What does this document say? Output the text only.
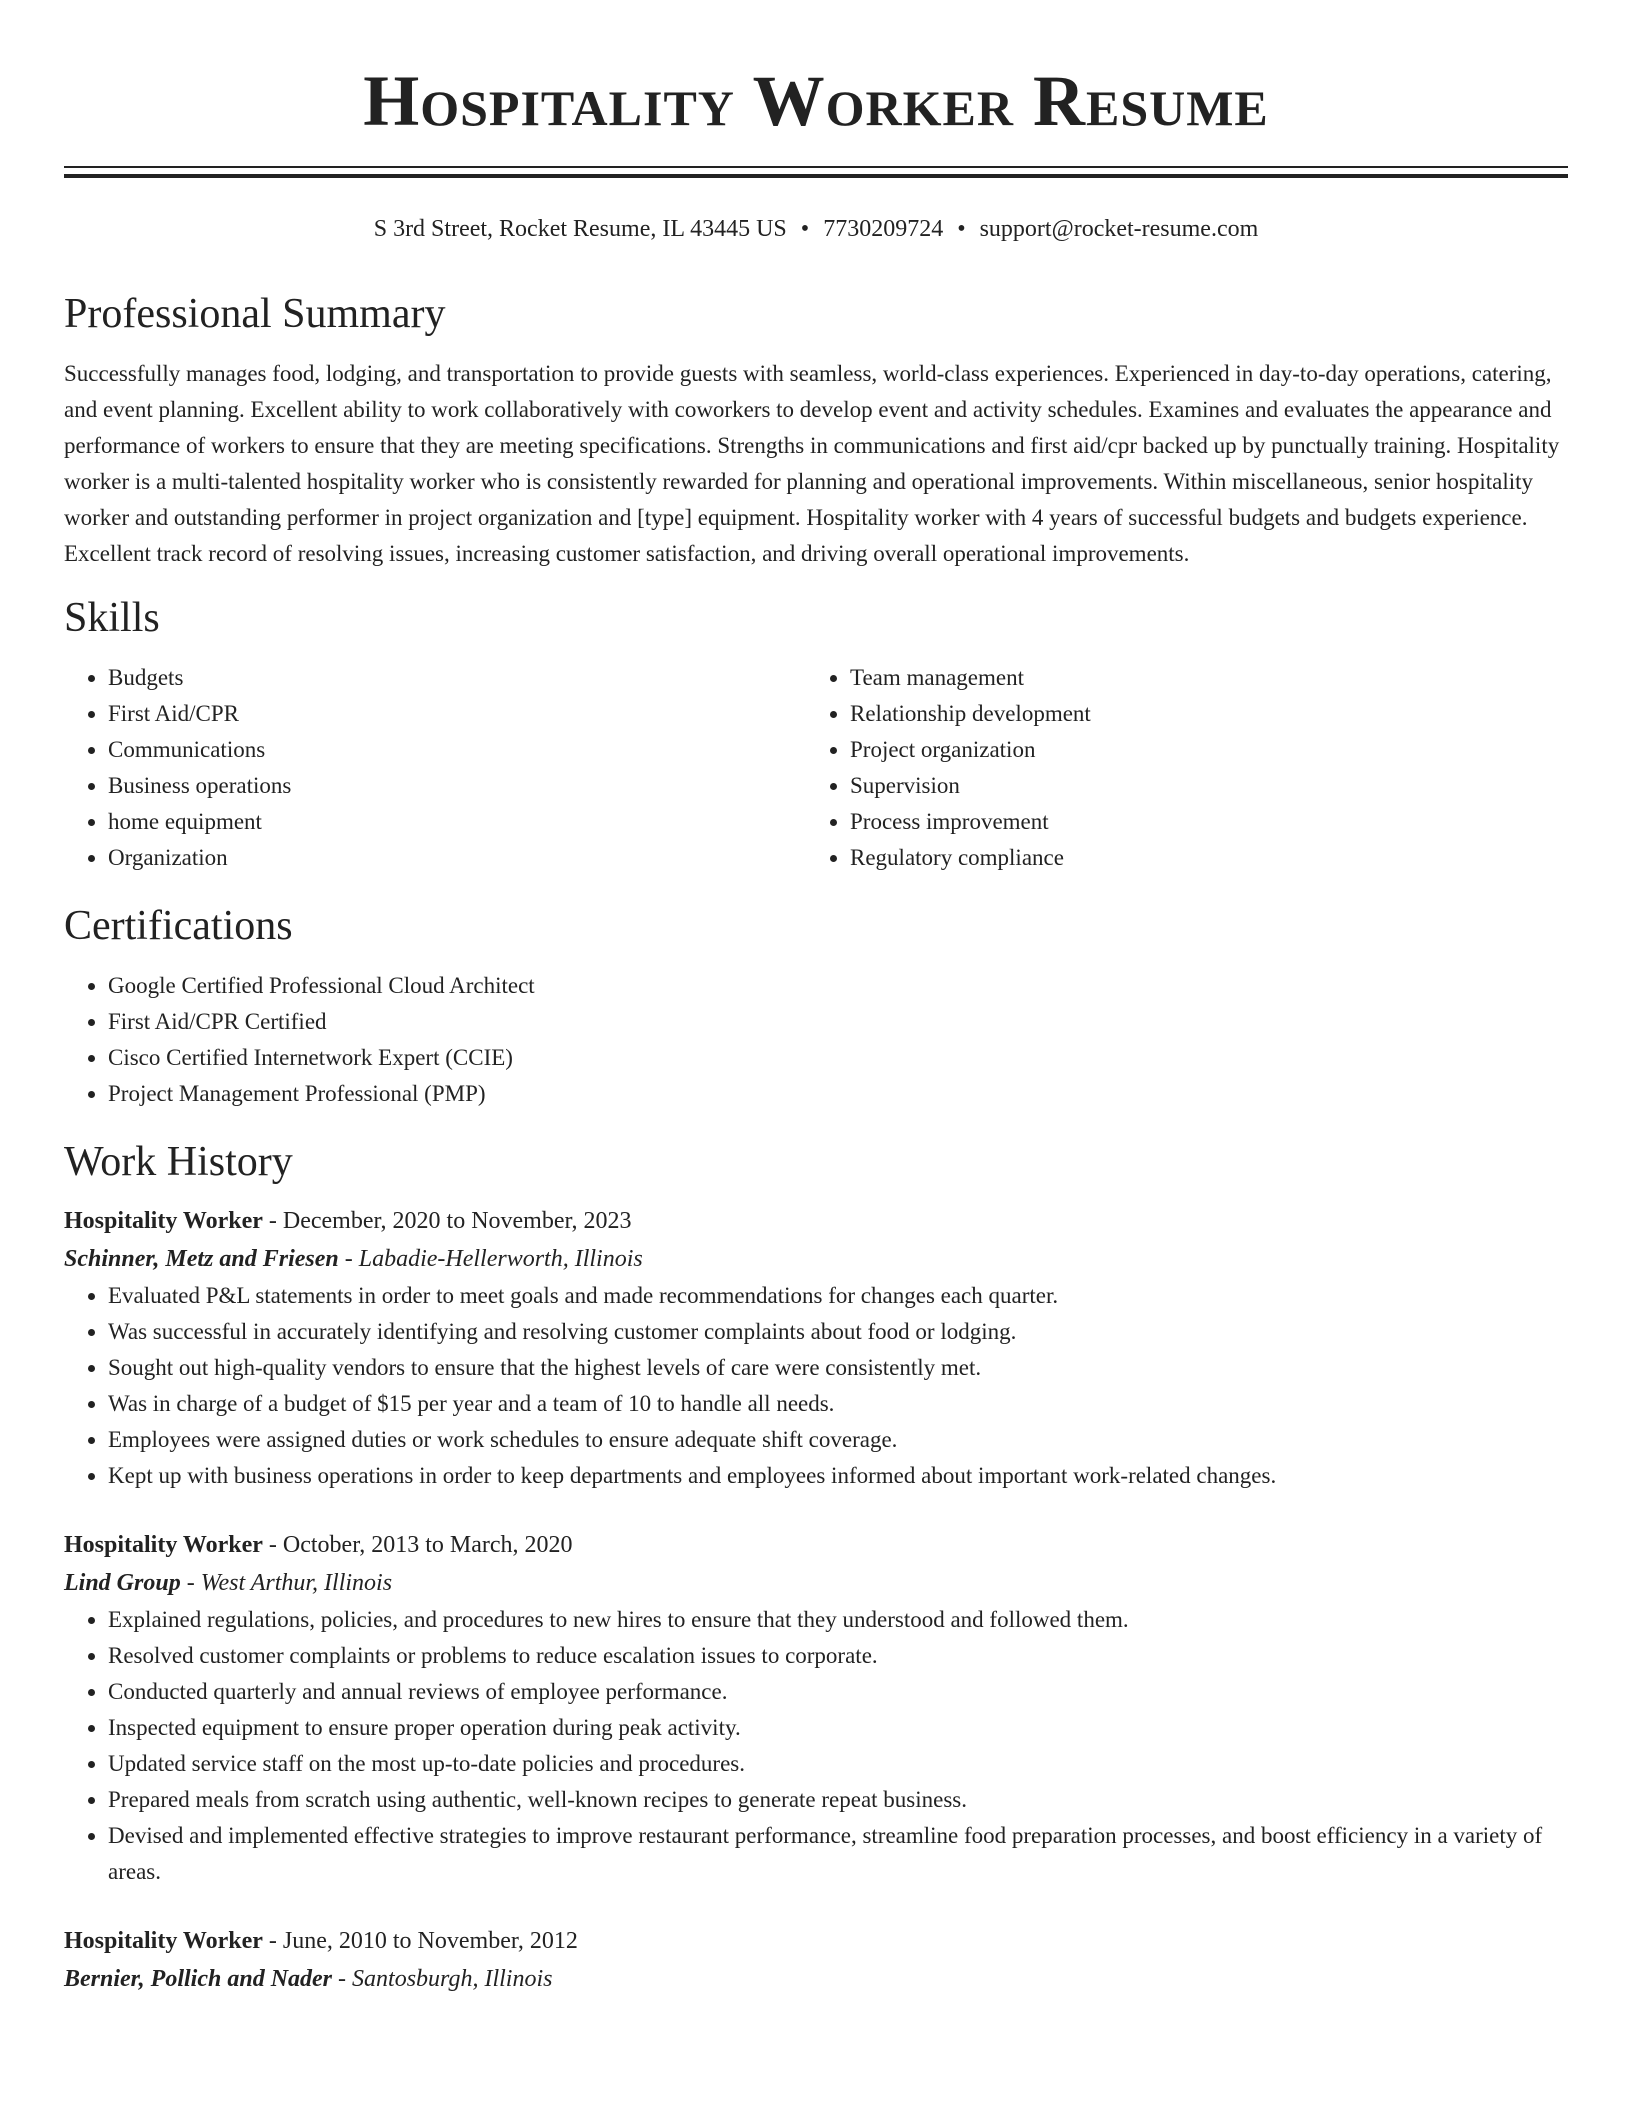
Hospitality Worker Resume
S 3rd Street, Rocket Resume, IL 43445 US • 7730209724 • support@rocket-resume.com
Professional Summary

Successfully manages food, lodging, and transportation to provide guests with seamless, world-class experiences. Experienced in day-to-day operations, catering, and event planning. Excellent ability to work collaboratively with coworkers to develop event and activity schedules. Examines and evaluates the appearance and performance of workers to ensure that they are meeting specifications. Strengths in communications and first aid/cpr backed up by punctually training. Hospitality worker is a multi-talented hospitality worker who is consistently rewarded for planning and operational improvements. Within miscellaneous, senior hospitality worker and outstanding performer in project organization and [type] equipment. Hospitality worker with 4 years of successful budgets and budgets experience. Excellent track record of resolving issues, increasing customer satisfaction, and driving overall operational improvements.

Skills
• Budgets
• First Aid/CPR
• Communications
• Business operations
• home equipment
• Organization
• Team management
• Relationship development
• Project organization
• Supervision
• Process improvement
• Regulatory compliance
Certifications
• Google Certified Professional Cloud Architect
• First Aid/CPR Certified
• Cisco Certified Internetwork Expert (CCIE)
• Project Management Professional (PMP)
Work History
Hospitality Worker - December, 2020 to November, 2023
Schinner, Metz and Friesen - Labadie-Hellerworth, Illinois
• Evaluated P&L statements in order to meet goals and made recommendations for changes each quarter.
• Was successful in accurately identifying and resolving customer complaints about food or lodging.
• Sought out high-quality vendors to ensure that the highest levels of care were consistently met.
• Was in charge of a budget of $15 per year and a team of 10 to handle all needs.
• Employees were assigned duties or work schedules to ensure adequate shift coverage.
• Kept up with business operations in order to keep departments and employees informed about important work-related changes.
Hospitality Worker - October, 2013 to March, 2020
Lind Group - West Arthur, Illinois
• Explained regulations, policies, and procedures to new hires to ensure that they understood and followed them.
• Resolved customer complaints or problems to reduce escalation issues to corporate.
• Conducted quarterly and annual reviews of employee performance.
• Inspected equipment to ensure proper operation during peak activity.
• Updated service staff on the most up-to-date policies and procedures.
• Prepared meals from scratch using authentic, well-known recipes to generate repeat business.
• Devised and implemented effective strategies to improve restaurant performance, streamline food preparation processes, and boost efficiency in a variety of areas.
Hospitality Worker - June, 2010 to November, 2012
Bernier, Pollich and Nader - Santosburgh, Illinois
